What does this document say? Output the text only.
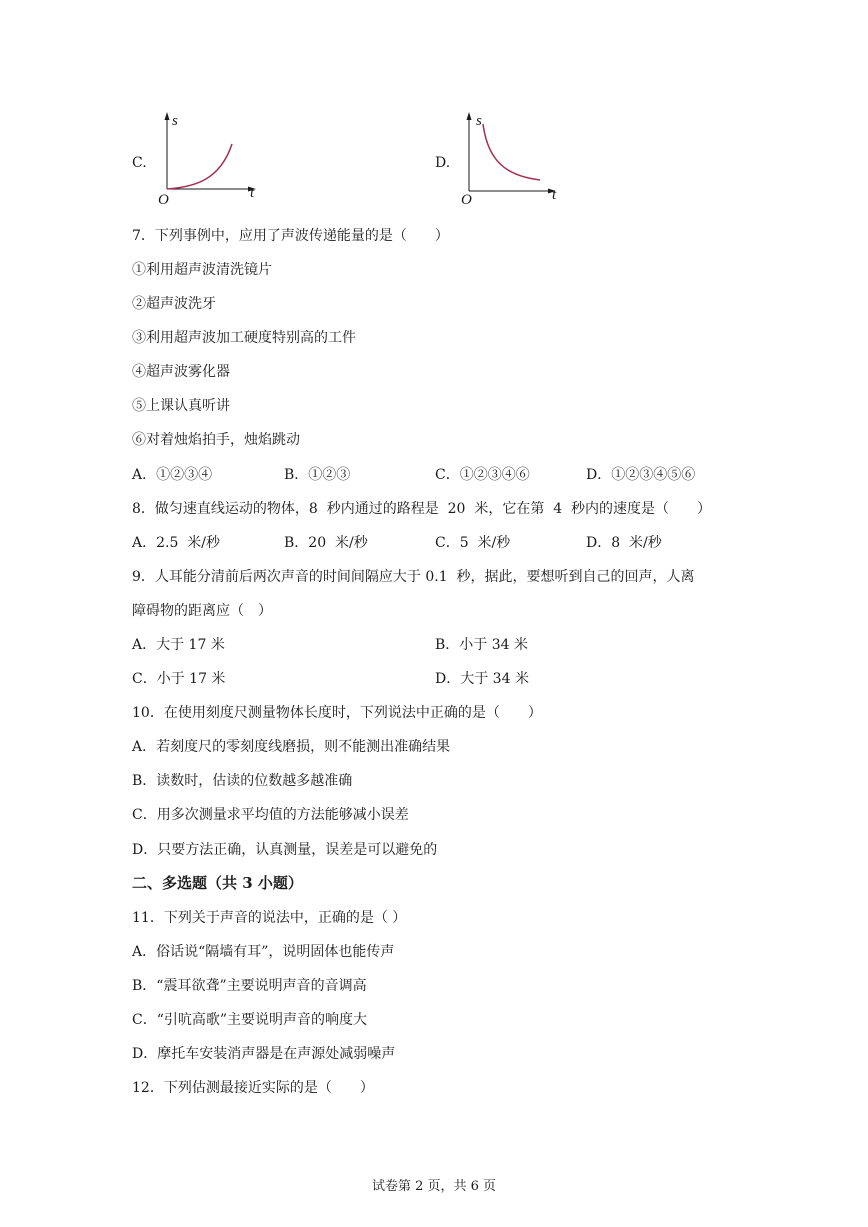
C.
s
t
O
D.
s
t
O
7．下列事例中，应用了声波传递能量的是（　　）
①利用超声波清洗镜片
②超声波洗牙
③利用超声波加工硬度特别高的工件
④超声波雾化器
⑤上课认真听讲
⑥对着烛焰拍手，烛焰跳动
A．①②③④	B．①②③	C．①②③④⑥	D．①②③④⑤⑥
8．做匀速直线运动的物体，8  秒内通过的路程是  20  米，它在第  4  秒内的速度是（　　）
A．2.5  米/秒	B．20  米/秒	C．5  米/秒	D．8  米/秒
9．人耳能分清前后两次声音的时间间隔应大于 0.1  秒，据此，要想听到自己的回声，人离
障碍物的距离应（　）
A．大于 17 米	B．小于 34 米
C．小于 17 米	D．大于 34 米
10．在使用刻度尺测量物体长度时，下列说法中正确的是（　　）
A．若刻度尺的零刻度线磨损，则不能测出准确结果
B．读数时，估读的位数越多越准确
C．用多次测量求平均值的方法能够减小误差
D．只要方法正确，认真测量，误差是可以避免的
二、多选题（共 3 小题）
11．下列关于声音的说法中，正确的是（ ）
A．俗话说“隔墙有耳”，说明固体也能传声
B．“震耳欲聋”主要说明声音的音调高
C．“引吭高歌”主要说明声音的响度大
D．摩托车安装消声器是在声源处减弱噪声
12．下列估测最接近实际的是（　　）
试卷第 2 页，共 6 页
